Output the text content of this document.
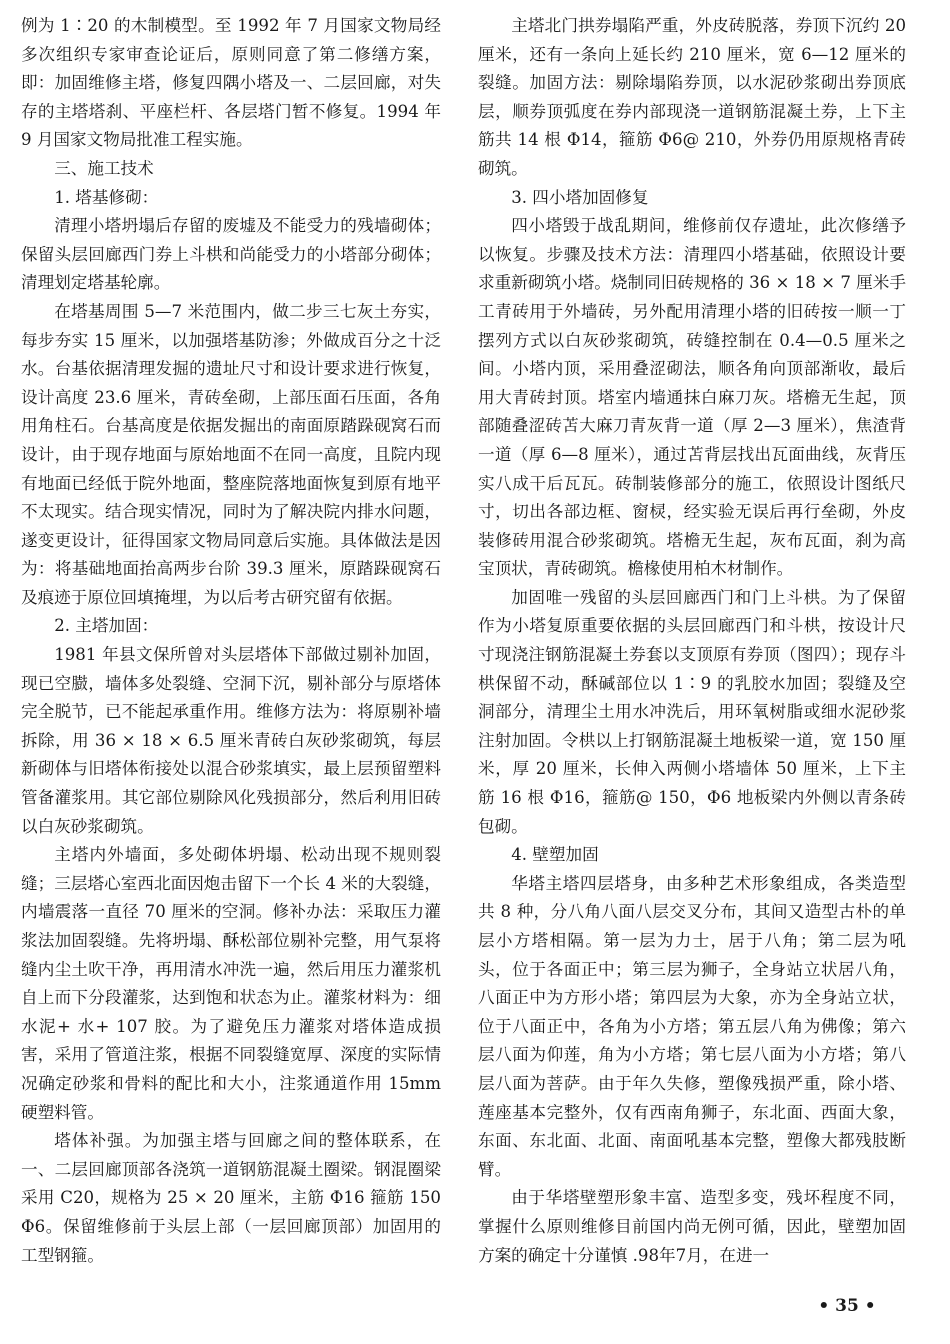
例为 1∶20 的木制模型。至 1992 年 7 月国家文物局经多次组织专家审查论证后，原则同意了第二修缮方案，即：加固维修主塔，修复四隅小塔及一、二层回廊，对失存的主塔塔刹、平座栏杆、各层塔门暂不修复。1994 年 9 月国家文物局批准工程实施。

三、施工技术

1. 塔基修砌：

清理小塔坍塌后存留的废墟及不能受力的残墙砌体；保留头层回廊西门券上斗栱和尚能受力的小塔部分砌体；清理划定塔基轮廓。

在塔基周围 5—7 米范围内，做二步三七灰土夯实，每步夯实 15 厘米，以加强塔基防渗；外做成百分之十泛水。台基依据清理发掘的遗址尺寸和设计要求进行恢复，设计高度 23.6 厘米，青砖垒砌，上部压面石压面，各角用角柱石。台基高度是依据发掘出的南面原踏跺砚窝石而设计，由于现存地面与原始地面不在同一高度，且院内现有地面已经低于院外地面，整座院落地面恢复到原有地平不太现实。结合现实情况，同时为了解决院内排水问题，遂变更设计，征得国家文物局同意后实施。具体做法是因为：将基础地面抬高两步台阶 39.3 厘米，原踏跺砚窝石及痕迹于原位回填掩埋，为以后考古研究留有依据。

2. 主塔加固：

1981 年县文保所曾对头层塔体下部做过剔补加固，现已空臌，墙体多处裂缝、空洞下沉，剔补部分与原塔体完全脱节，已不能起承重作用。维修方法为：将原剔补墙拆除，用 36 × 18 × 6.5 厘米青砖白灰砂浆砌筑，每层新砌体与旧塔体衔接处以混合砂浆填实，最上层预留塑料管备灌浆用。其它部位剔除风化残损部分，然后利用旧砖以白灰砂浆砌筑。

主塔内外墙面，多处砌体坍塌、松动出现不规则裂缝；三层塔心室西北面因炮击留下一个长 4 米的大裂缝，内墙震落一直径 70 厘米的空洞。修补办法：采取压力灌浆法加固裂缝。先将坍塌、酥松部位剔补完整，用气泵将缝内尘土吹干净，再用清水冲洗一遍，然后用压力灌浆机自上而下分段灌浆，达到饱和状态为止。灌浆材料为：细水泥+ 水+ 107 胶。为了避免压力灌浆对塔体造成损害，采用了管道注浆，根据不同裂缝宽厚、深度的实际情况确定砂浆和骨料的配比和大小，注浆通道作用 15mm 硬塑料管。

塔体补强。为加强主塔与回廊之间的整体联系，在一、二层回廊顶部各浇筑一道钢筋混凝土圈梁。钢混圈梁采用 C20，规格为 25 × 20 厘米，主筋 Φ16 箍筋 150Φ6。保留维修前于头层上部（一层回廊顶部）加固用的工型钢箍。

主塔北门拱券塌陷严重，外皮砖脱落，券顶下沉约 20 厘米，还有一条向上延长约 210 厘米，宽 6—12 厘米的裂缝。加固方法：剔除塌陷券顶，以水泥砂浆砌出券顶底层，顺券顶弧度在券内部现浇一道钢筋混凝土券，上下主筋共 14 根 Φ14，箍筋 Φ6@ 210，外券仍用原规格青砖砌筑。

3. 四小塔加固修复

四小塔毁于战乱期间，维修前仅存遗址，此次修缮予以恢复。步骤及技术方法：清理四小塔基础，依照设计要求重新砌筑小塔。烧制同旧砖规格的 36 × 18 × 7 厘米手工青砖用于外墙砖，另外配用清理小塔的旧砖按一顺一丁摆列方式以白灰砂浆砌筑，砖缝控制在 0.4—0.5 厘米之间。小塔内顶，采用叠涩砌法，顺各角向顶部渐收，最后用大青砖封顶。塔室内墙通抹白麻刀灰。塔檐无生起，顶部随叠涩砖苫大麻刀青灰背一道（厚 2—3 厘米），焦渣背一道（厚 6—8 厘米），通过苫背层找出瓦面曲线，灰背压实八成干后瓦瓦。砖制装修部分的施工，依照设计图纸尺寸，切出各部边框、窗棂，经实验无误后再行垒砌，外皮装修砖用混合砂浆砌筑。塔檐无生起，灰布瓦面，刹为高宝顶状，青砖砌筑。檐椽使用柏木材制作。

加固唯一残留的头层回廊西门和门上斗栱。为了保留作为小塔复原重要依据的头层回廊西门和斗栱，按设计尺寸现浇注钢筋混凝土券套以支顶原有券顶（图四）；现存斗栱保留不动，酥碱部位以 1∶9 的乳胶水加固；裂缝及空洞部分，清理尘土用水冲洗后，用环氧树脂或细水泥砂浆注射加固。令栱以上打钢筋混凝土地板梁一道，宽 150 厘米，厚 20 厘米，长伸入两侧小塔墙体 50 厘米，上下主筋 16 根 Φ16，箍筋@ 150，Φ6 地板梁内外侧以青条砖包砌。

4. 壁塑加固

华塔主塔四层塔身，由多种艺术形象组成，各类造型共 8 种，分八角八面八层交叉分布，其间又造型古朴的单层小方塔相隔。第一层为力士，居于八角；第二层为吼头，位于各面正中；第三层为狮子，全身站立状居八角，八面正中为方形小塔；第四层为大象，亦为全身站立状，位于八面正中，各角为小方塔；第五层八角为佛像；第六层八面为仰莲，角为小方塔；第七层八面为小方塔；第八层八面为菩萨。由于年久失修，塑像残损严重，除小塔、莲座基本完整外，仅有西南角狮子，东北面、西面大象，东面、东北面、北面、南面吼基本完整，塑像大都残肢断臂。

由于华塔壁塑形象丰富、造型多变，残坏程度不同，掌握什么原则维修目前国内尚无例可循，因此，壁塑加固方案的确定十分谨慎 .98年7月，在进一

• 35 •
